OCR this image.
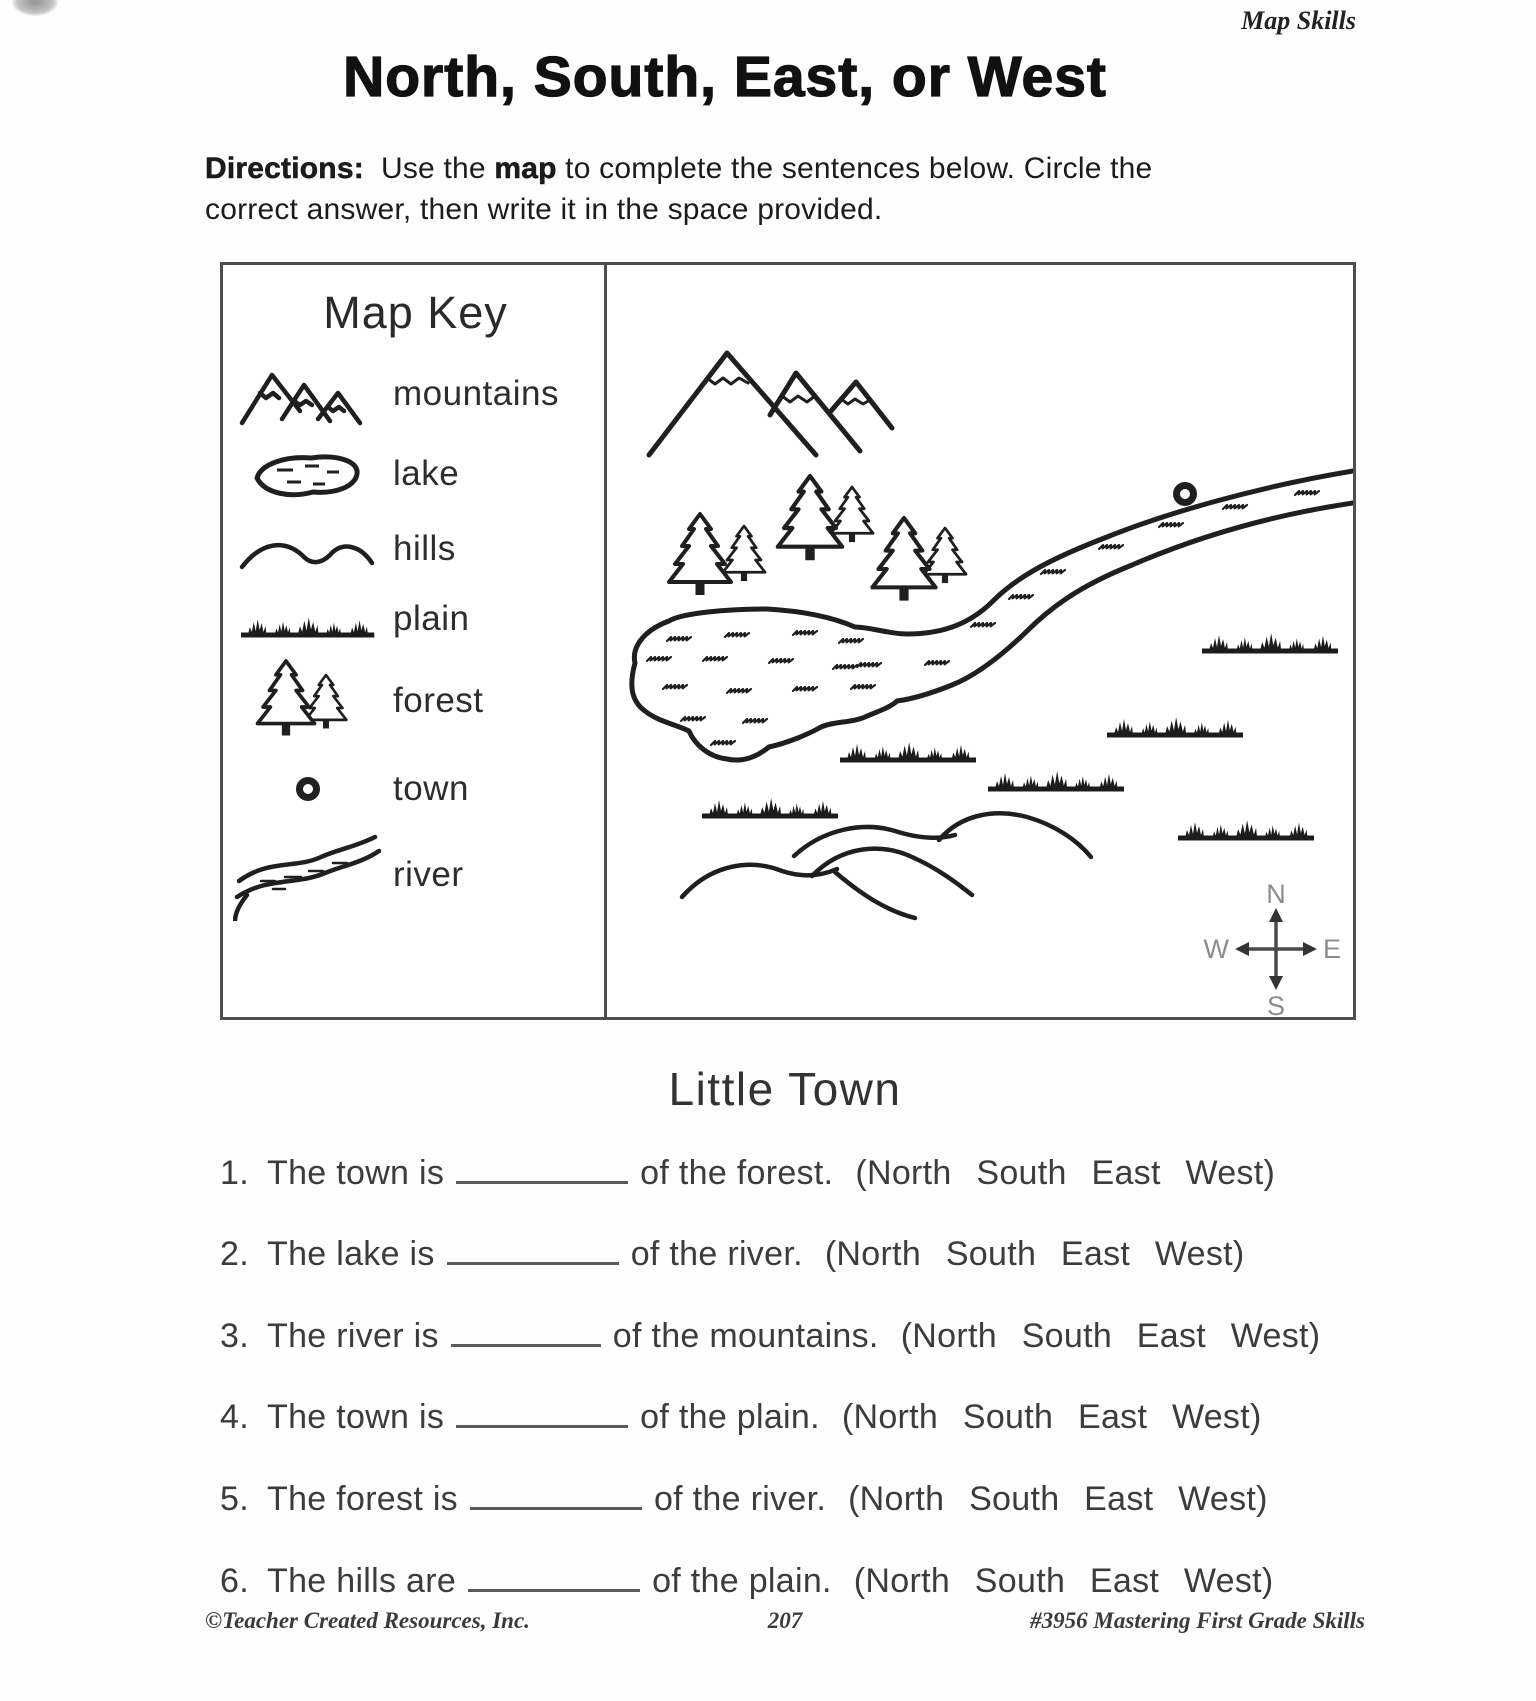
Map Skills
North, South, East, or West

Directions: Use the map to complete the sentences below. Circle the
correct answer, then write it in the space provided.

Map Key
mountains
lake
hills
plain
forest
town
river	N
S
W	E
Little Town
1. The town is	of the forest. (North South East West)
2. The lake is	of the river. (North South East West)
3. The river is	of the mountains. (North South East West)
4. The town is	of the plain. (North South East West)
5. The forest is	of the river. (North South East West)
6. The hills are	of the plain. (North South East West)
©Teacher Created Resources, Inc.	207	#3956 Mastering First Grade Skills
